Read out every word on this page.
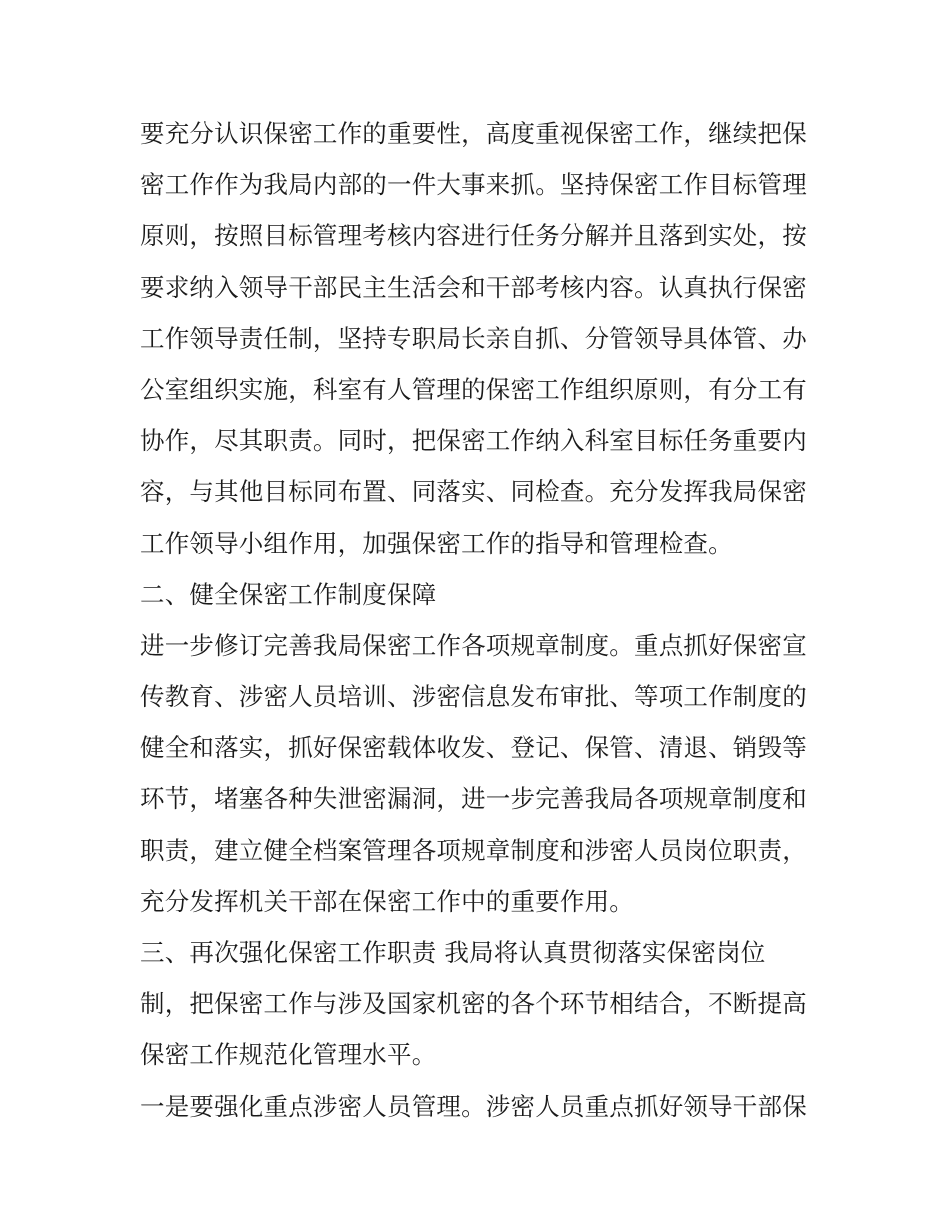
要充分认识保密工作的重要性，高度重视保密工作，继续把保
密工作作为我局内部的一件大事来抓。坚持保密工作目标管理
原则，按照目标管理考核内容进行任务分解并且落到实处，按
要求纳入领导干部民主生活会和干部考核内容。认真执行保密
工作领导责任制，坚持专职局长亲自抓、分管领导具体管、办
公室组织实施，科室有人管理的保密工作组织原则，有分工有
协作，尽其职责。同时，把保密工作纳入科室目标任务重要内
容，与其他目标同布置、同落实、同检查。充分发挥我局保密
工作领导小组作用，加强保密工作的指导和管理检查。
二、健全保密工作制度保障
进一步修订完善我局保密工作各项规章制度。重点抓好保密宣
传教育、涉密人员培训、涉密信息发布审批、等项工作制度的
健全和落实，抓好保密载体收发、登记、保管、清退、销毁等
环节，堵塞各种失泄密漏洞，进一步完善我局各项规章制度和
职责，建立健全档案管理各项规章制度和涉密人员岗位职责，
充分发挥机关干部在保密工作中的重要作用。
三、再次强化保密工作职责 我局将认真贯彻落实保密岗位
制，把保密工作与涉及国家机密的各个环节相结合，不断提高
保密工作规范化管理水平。
一是要强化重点涉密人员管理。涉密人员重点抓好领导干部保
